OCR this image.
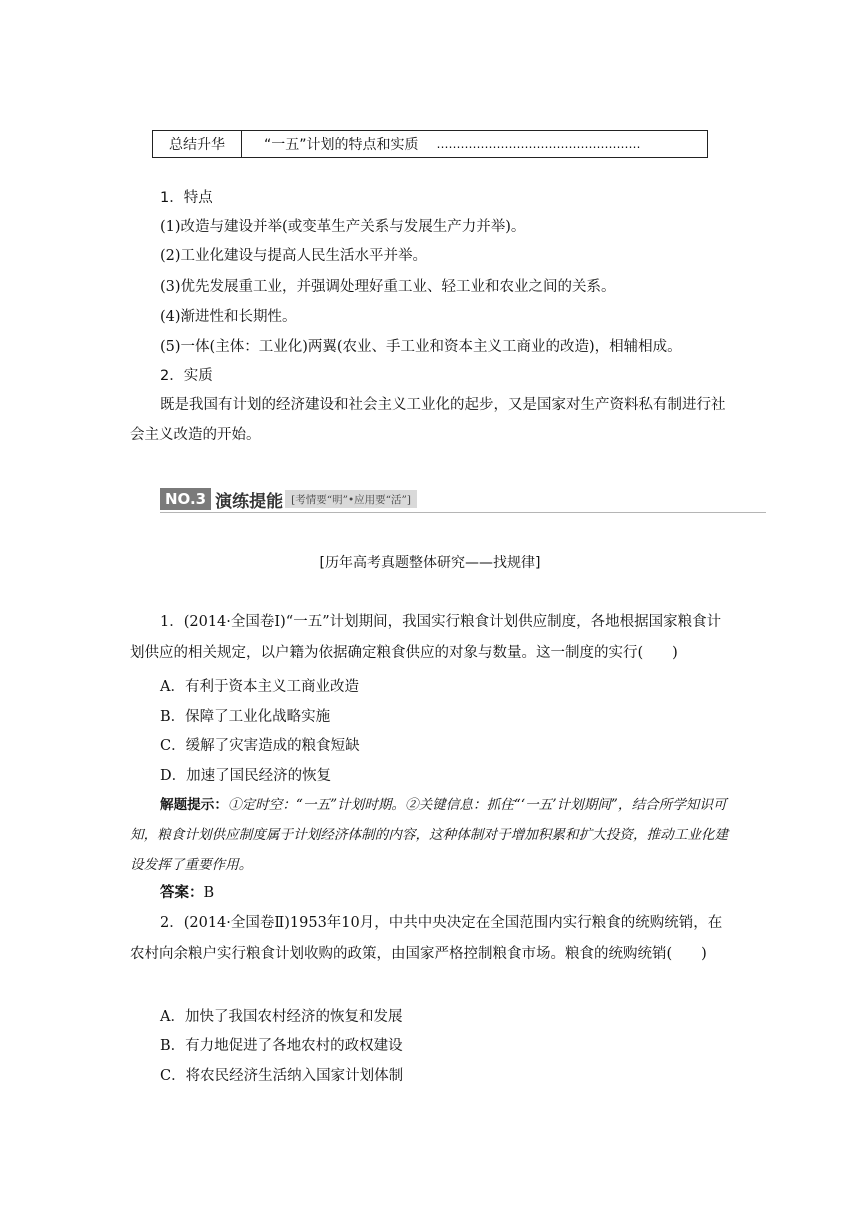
总结升华	“一五”计划的特点和实质 ……………………………………………
1．特点
(1)改造与建设并举(或变革生产关系与发展生产力并举)。
(2)工业化建设与提高人民生活水平并举。
(3)优先发展重工业，并强调处理好重工业、轻工业和农业之间的关系。
(4)渐进性和长期性。
(5)一体(主体：工业化)两翼(农业、手工业和资本主义工商业的改造)，相辅相成。
2．实质
既是我国有计划的经济建设和社会主义工业化的起步，又是国家对生产资料私有制进行社会主义改造的开始。
NO.3 演练提能 [考情要“明”•应用要“活”]
[历年高考真题整体研究——找规律]
1．(2014·全国卷Ⅰ)“一五”计划期间，我国实行粮食计划供应制度，各地根据国家粮食计划供应的相关规定，以户籍为依据确定粮食供应的对象与数量。这一制度的实行(　　)
A．有利于资本主义工商业改造
B．保障了工业化战略实施
C．缓解了灾害造成的粮食短缺
D．加速了国民经济的恢复
解题提示：①定时空：“一五”计划时期。②关键信息：抓住“‘一五’计划期间”，结合所学知识可知，粮食计划供应制度属于计划经济体制的内容，这种体制对于增加积累和扩大投资，推动工业化建设发挥了重要作用。
答案：B
2．(2014·全国卷Ⅱ)1953年10月，中共中央决定在全国范围内实行粮食的统购统销，在农村向余粮户实行粮食计划收购的政策，由国家严格控制粮食市场。粮食的统购统销(　　)
A．加快了我国农村经济的恢复和发展
B．有力地促进了各地农村的政权建设
C．将农民经济生活纳入国家计划体制
